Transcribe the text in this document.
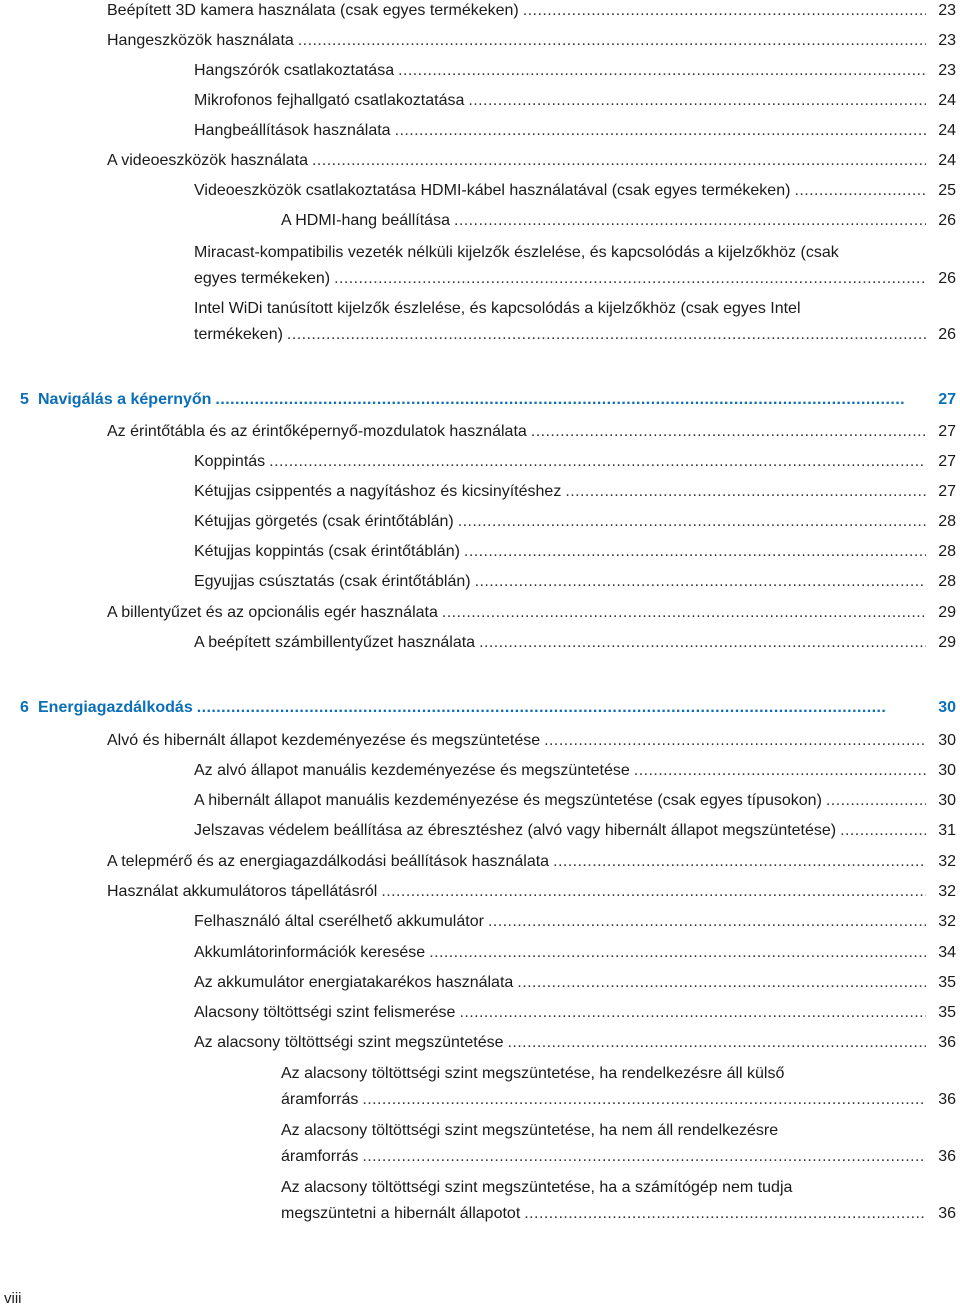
Beépített 3D kamera használata (csak egyes termékeken) . . .	23
Hangeszközök használata . . .	23
Hangszórók csatlakoztatása . . .	23
Mikrofonos fejhallgató csatlakoztatása . . .	24
Hangbeállítások használata . . .	24
A videoeszközök használata . . .	24
Videoeszközök csatlakoztatása HDMI-kábel használatával (csak egyes termékeken) . . .	25
A HDMI-hang beállítása . . .	26
Miracast-kompatibilis vezeték nélküli kijelzők észlelése, és kapcsolódás a kijelzőkhöz (csak
egyes termékeken) . . .	26
Intel WiDi tanúsított kijelzők észlelése, és kapcsolódás a kijelzőkhöz (csak egyes Intel
termékeken) . . .	26
5 Navigálás a képernyőn . . .	27
Az érintőtábla és az érintőképernyő-mozdulatok használata . . .	27
Koppintás . . .	27
Kétujjas csippentés a nagyításhoz és kicsinyítéshez . . .	27
Kétujjas görgetés (csak érintőtáblán) . . .	28
Kétujjas koppintás (csak érintőtáblán) . . .	28
Egyujjas csúsztatás (csak érintőtáblán) . . .	28
A billentyűzet és az opcionális egér használata . . .	29
A beépített számbillentyűzet használata . . .	29
6 Energiagazdálkodás . . .	30
Alvó és hibernált állapot kezdeményezése és megszüntetése . . .	30
Az alvó állapot manuális kezdeményezése és megszüntetése . . .	30
A hibernált állapot manuális kezdeményezése és megszüntetése (csak egyes típusokon) . . .	30
Jelszavas védelem beállítása az ébresztéshez (alvó vagy hibernált állapot megszüntetése) . . .	31
A telepmérő és az energiagazdálkodási beállítások használata . . .	32
Használat akkumulátoros tápellátásról . . .	32
Felhasználó által cserélhető akkumulátor . . .	32
Akkumlátorinformációk keresése . . .	34
Az akkumulátor energiatakarékos használata . . .	35
Alacsony töltöttségi szint felismerése . . .	35
Az alacsony töltöttségi szint megszüntetése . . .	36
Az alacsony töltöttségi szint megszüntetése, ha rendelkezésre áll külső
áramforrás . . .	36
Az alacsony töltöttségi szint megszüntetése, ha nem áll rendelkezésre
áramforrás . . .	36
Az alacsony töltöttségi szint megszüntetése, ha a számítógép nem tudja
megszüntetni a hibernált állapotot . . .	36
viii
